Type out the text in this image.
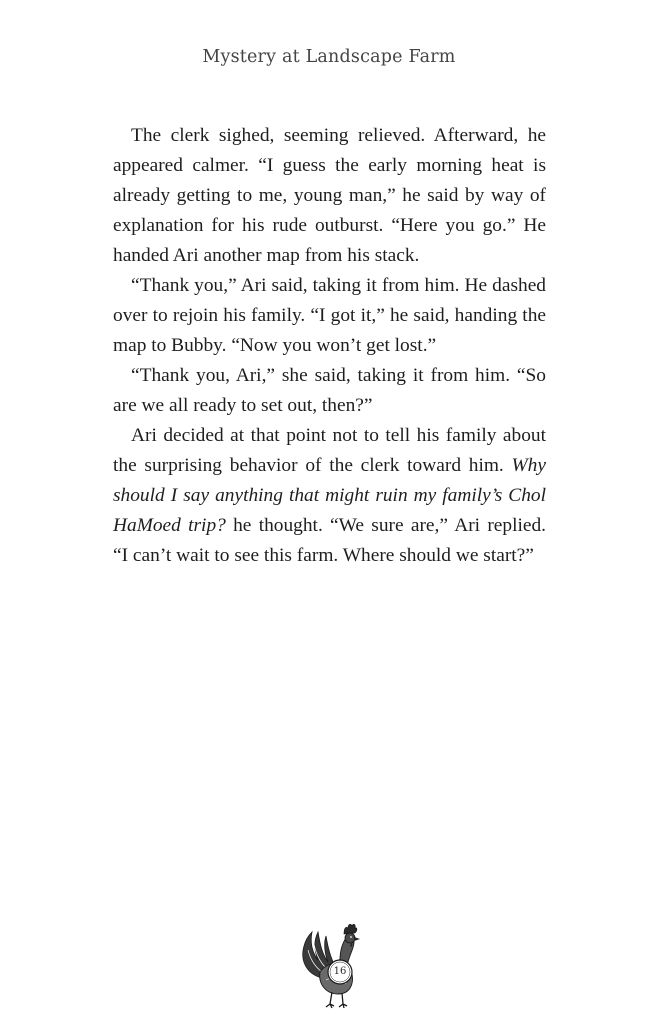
Mystery at Landscape Farm

The clerk sighed, seeming relieved. Afterward, he appeared calmer. “I guess the early morning heat is already getting to me, young man,” he said by way of explanation for his rude outburst. “Here you go.” He handed Ari another map from his stack.

“Thank you,” Ari said, taking it from him. He dashed over to rejoin his family. “I got it,” he said, handing the map to Bubby. “Now you won’t get lost.”

“Thank you, Ari,” she said, taking it from him. “So are we all ready to set out, then?”

Ari decided at that point not to tell his family about the surprising behavior of the clerk toward him. Why should I say anything that might ruin my family’s Chol HaMoed trip? he thought. “We sure are,” Ari replied. “I can’t wait to see this farm. Where should we start?”

16
